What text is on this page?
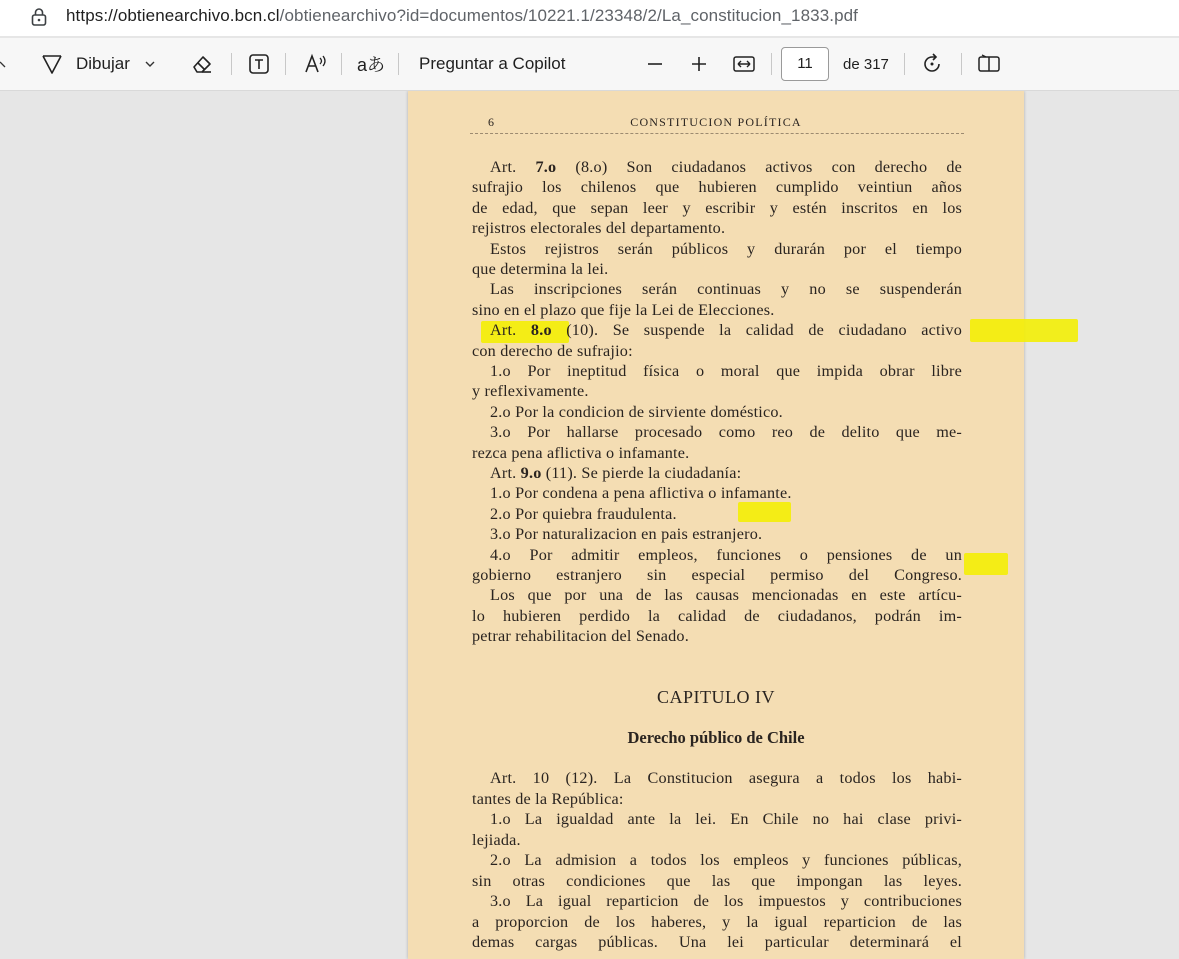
https://obtienearchivo.bcn.cl/obtienearchivo?id=documentos/10221.1/23348/2/La_constitucion_1833.pdf
Dibujar	aあ Preguntar a Copilot	11	de 317
6	CONSTITUCION POLÍTICA
Art. 7.o (8.o) Son ciudadanos activos con derecho de
sufrajio los chilenos que hubieren cumplido veintiun años
de edad, que sepan leer y escribir y estén inscritos en los
rejistros electorales del departamento.
Estos rejistros serán públicos y durarán por el tiempo
que determina la lei.
Las inscripciones serán continuas y no se suspenderán
sino en el plazo que fije la Lei de Elecciones.
Art. 8.o (10). Se suspende la calidad de ciudadano activo
con derecho de sufrajio:
1.o Por ineptitud física o moral que impida obrar libre
y reflexivamente.
2.o Por la condicion de sirviente doméstico.
3.o Por hallarse procesado como reo de delito que me-
rezca pena aflictiva o infamante.
Art. 9.o (11). Se pierde la ciudadanía:
1.o Por condena a pena aflictiva o infamante.
2.o Por quiebra fraudulenta.
3.o Por naturalizacion en pais estranjero.
4.o Por admitir empleos, funciones o pensiones de un
gobierno estranjero sin especial permiso del Congreso.
Los que por una de las causas mencionadas en este artícu-
lo hubieren perdido la calidad de ciudadanos, podrán im-
petrar rehabilitacion del Senado.
CAPITULO IV
Derecho público de Chile
Art. 10 (12). La Constitucion asegura a todos los habi-
tantes de la República:
1.o La igualdad ante la lei. En Chile no hai clase privi-
lejiada.
2.o La admision a todos los empleos y funciones públicas,
sin otras condiciones que las que impongan las leyes.
3.o La igual reparticion de los impuestos y contribuciones
a proporcion de los haberes, y la igual reparticion de las
demas cargas públicas. Una lei particular determinará el
